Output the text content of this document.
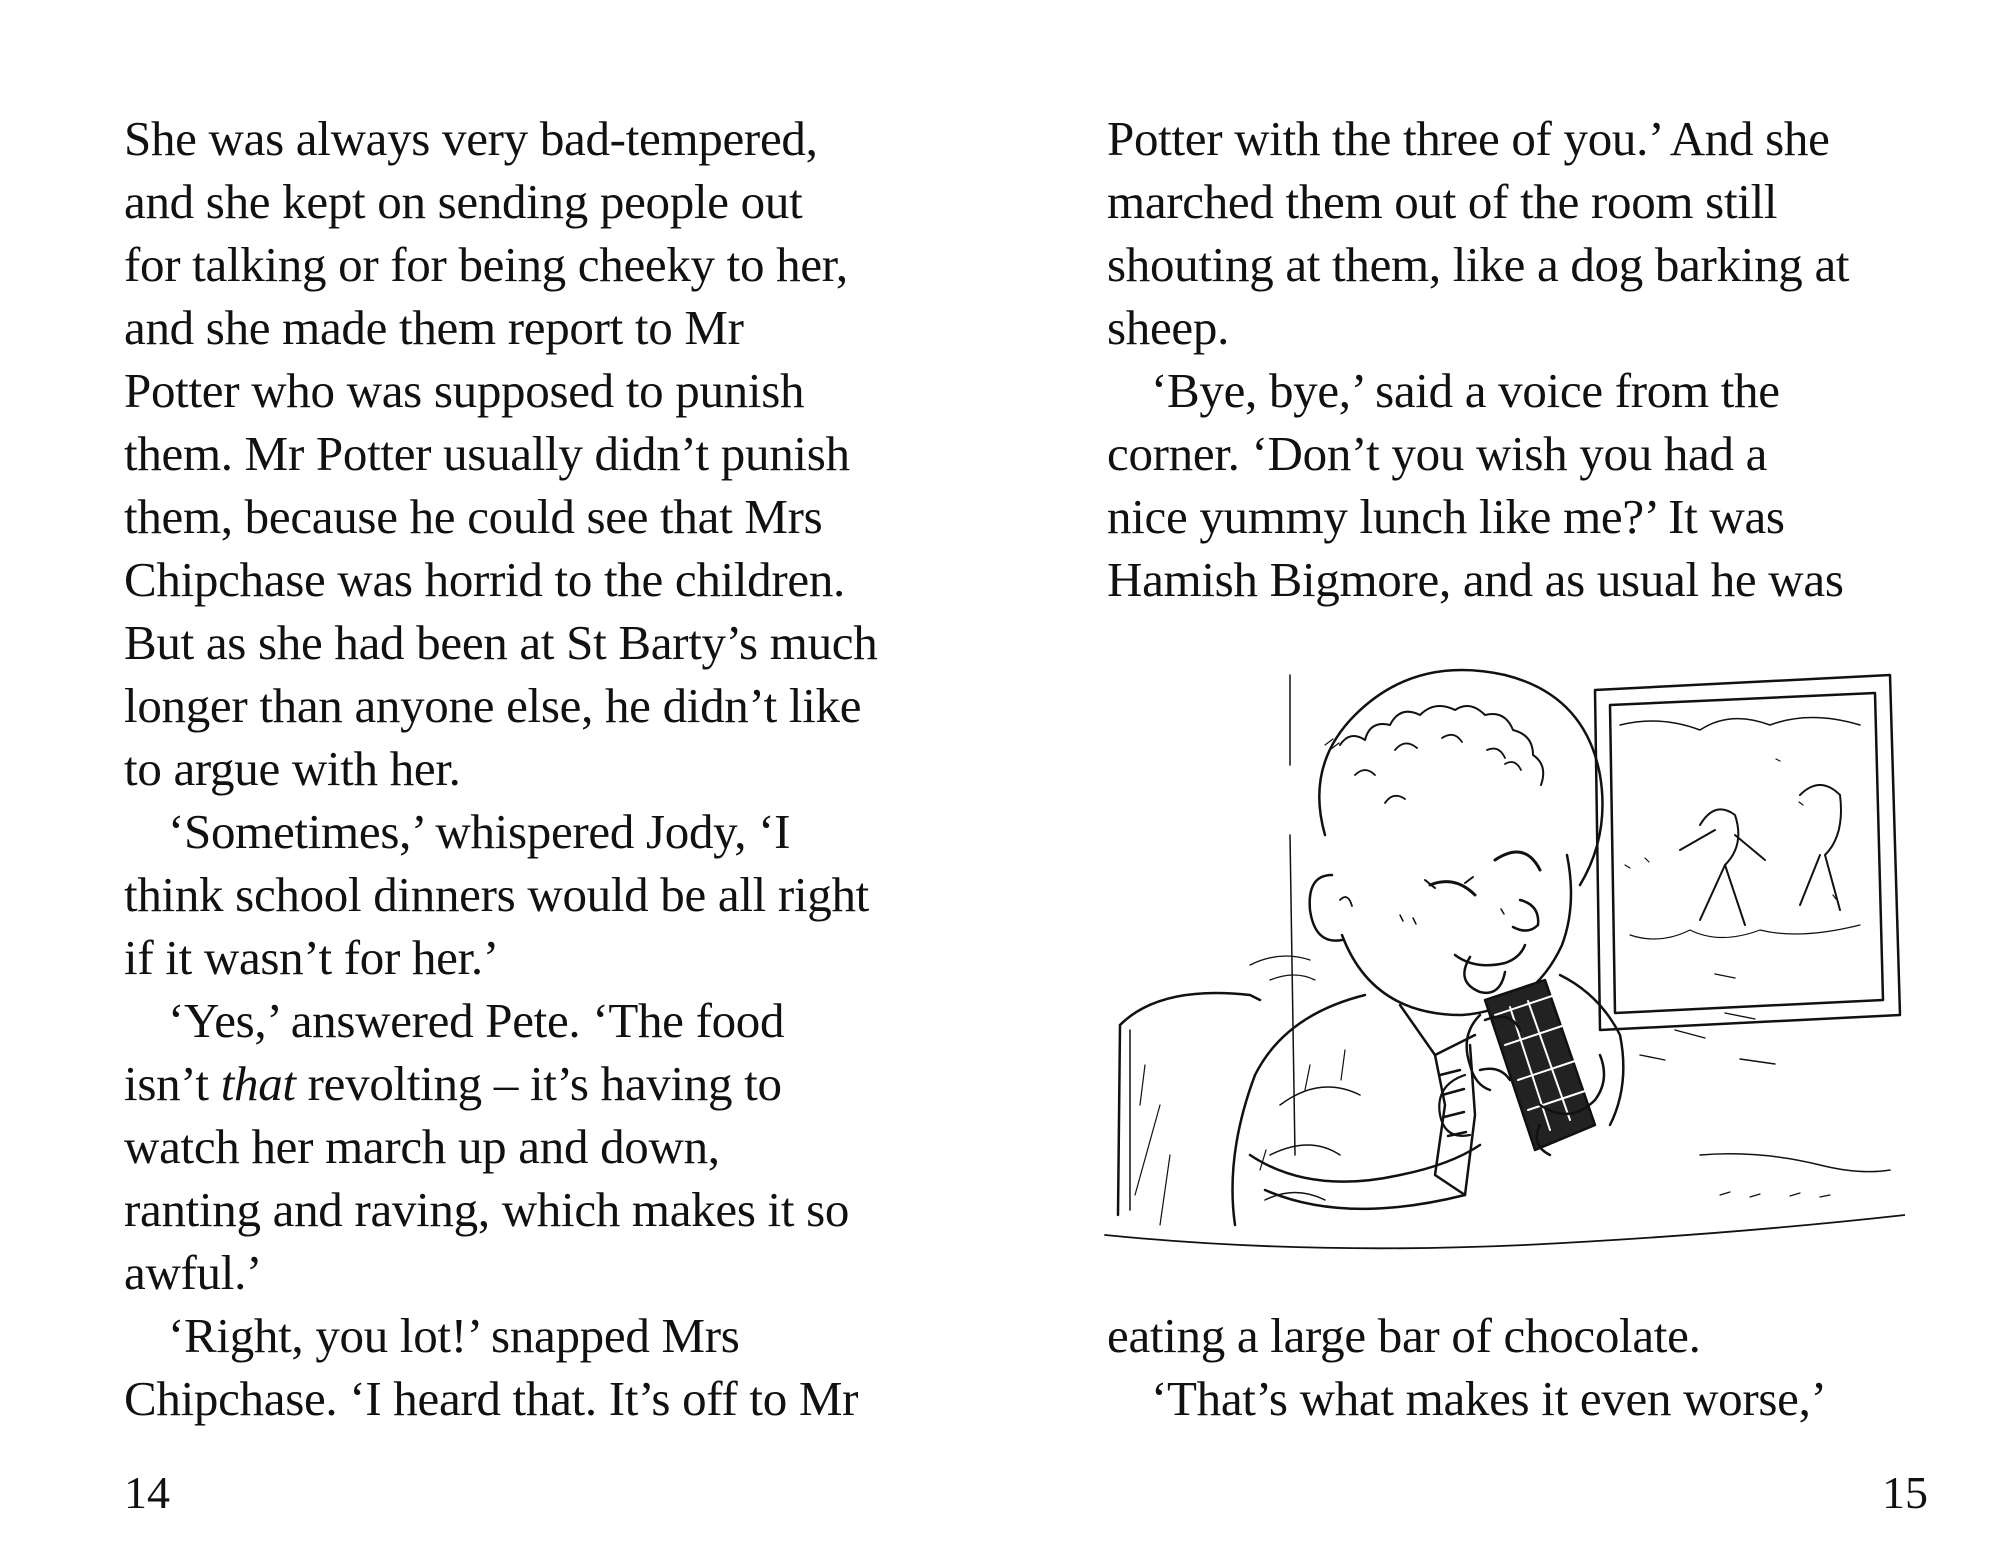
She was always very bad-tempered,
and she kept on sending people out
for talking or for being cheeky to her,
and she made them report to Mr
Potter who was supposed to punish
them. Mr Potter usually didn’t punish
them, because he could see that Mrs
Chipchase was horrid to the children.
But as she had been at St Barty’s much
longer than anyone else, he didn’t like
to argue with her.
‘Sometimes,’ whispered Jody, ‘I
think school dinners would be all right
if it wasn’t for her.’
‘Yes,’ answered Pete. ‘The food
isn’t that revolting – it’s having to
watch her march up and down,
ranting and raving, which makes it so
awful.’
‘Right, you lot!’ snapped Mrs
Chipchase. ‘I heard that. It’s off to Mr
14
Potter with the three of you.’ And she
marched them out of the room still
shouting at them, like a dog barking at
sheep.
‘Bye, bye,’ said a voice from the
corner. ‘Don’t you wish you had a
nice yummy lunch like me?’ It was
Hamish Bigmore, and as usual he was
eating a large bar of chocolate.
‘That’s what makes it even worse,’
15
